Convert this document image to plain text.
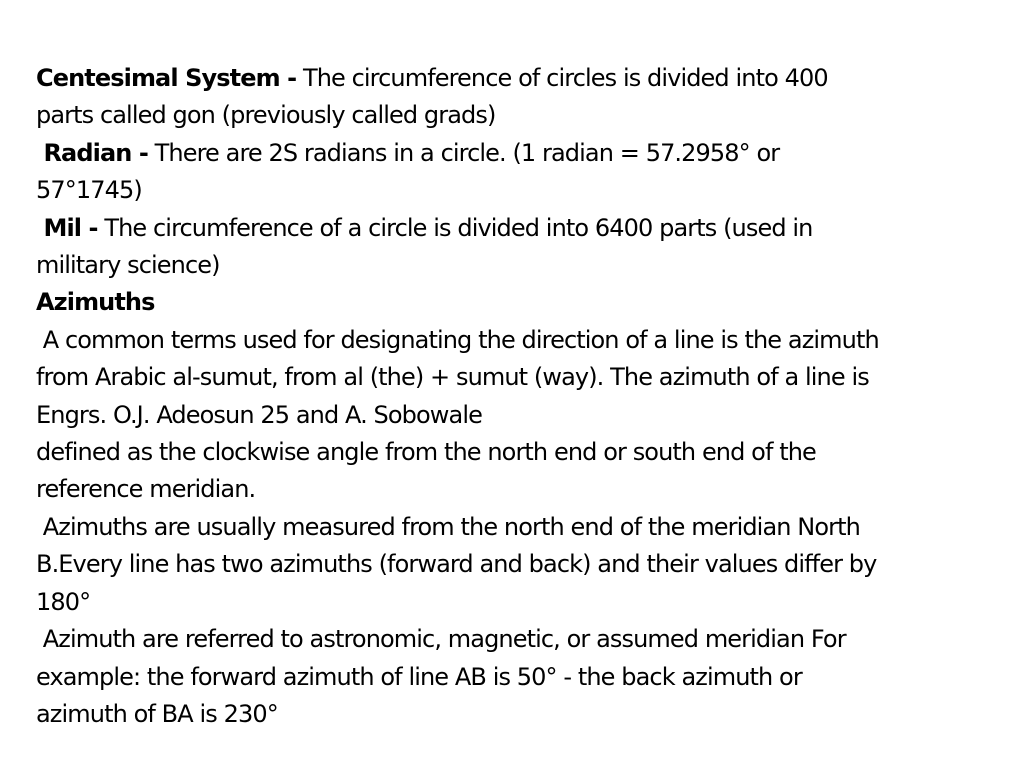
Centesimal System - The circumference of circles is divided into 400
parts called gon (previously called grads)
Radian - There are 2S radians in a circle. (1 radian = 57.2958° or
57°1745)
Mil - The circumference of a circle is divided into 6400 parts (used in
military science)
Azimuths
A common terms used for designating the direction of a line is the azimuth
from Arabic al-sumut, from al (the) + sumut (way). The azimuth of a line is
Engrs. O.J. Adeosun 25 and A. Sobowale
defined as the clockwise angle from the north end or south end of the
reference meridian.
Azimuths are usually measured from the north end of the meridian North
B.Every line has two azimuths (forward and back) and their values differ by
180°
Azimuth are referred to astronomic, magnetic, or assumed meridian For
example: the forward azimuth of line AB is 50° - the back azimuth or
azimuth of BA is 230°
